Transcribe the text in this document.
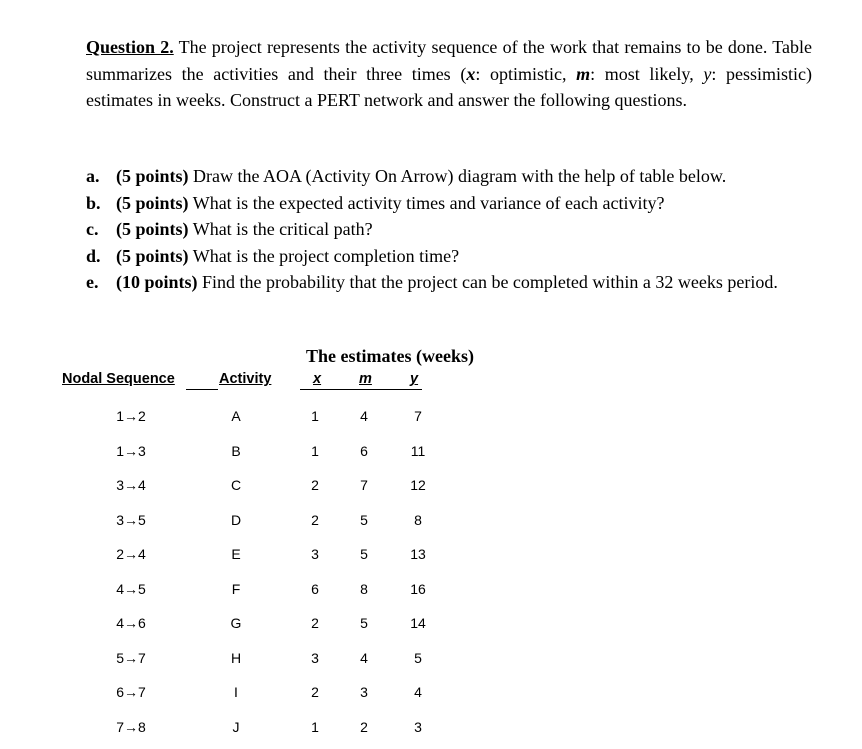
Question 2. The project represents the activity sequence of the work that remains to be done. Table summarizes the activities and their three times (x: optimistic, m: most likely, y: pessimistic) estimates in weeks. Construct a PERT network and answer the following questions.
a. (5 points) Draw the AOA (Activity On Arrow) diagram with the help of table below.
b. (5 points) What is the expected activity times and variance of each activity?
c. (5 points) What is the critical path?
d. (5 points) What is the project completion time?
e. (10 points) Find the probability that the project can be completed within a 32 weeks period.
The estimates (weeks)
Nodal Sequence	Activity	x	m	y
1→2	A	1	4	7
1→3	B	1	6	11
3→4	C	2	7	12
3→5	D	2	5	8
2→4	E	3	5	13
4→5	F	6	8	16
4→6	G	2	5	14
5→7	H	3	4	5
6→7	I	2	3	4
7→8	J	1	2	3
